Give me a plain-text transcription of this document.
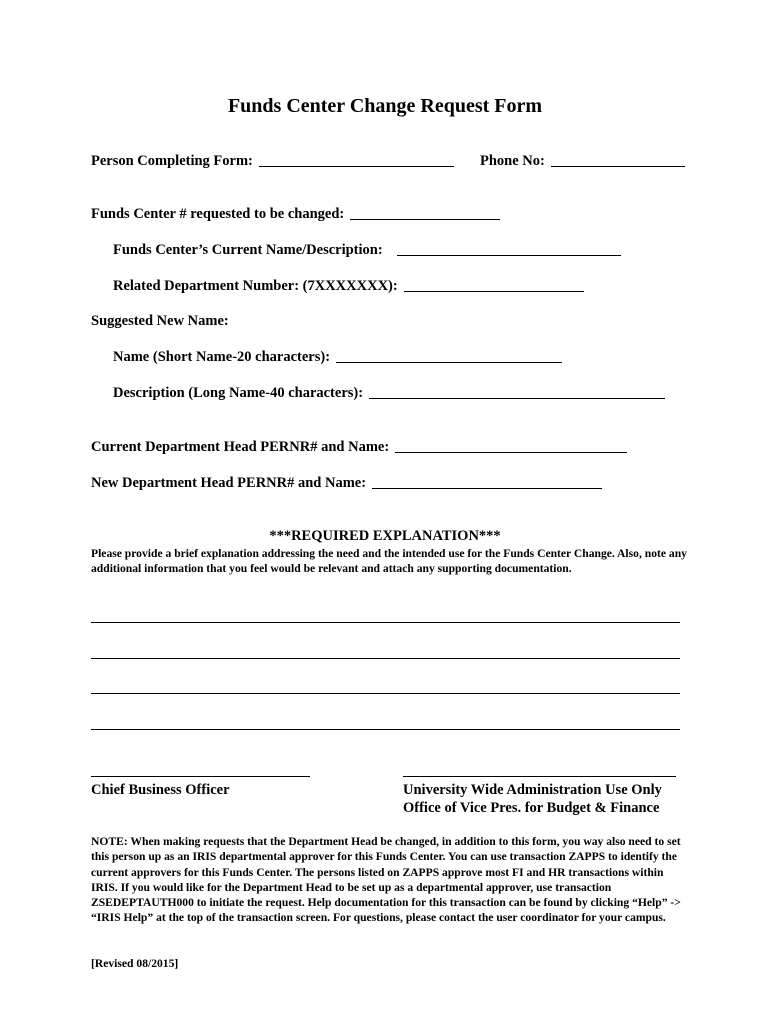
Funds Center Change Request Form
Person Completing Form:	Phone No:
Funds Center # requested to be changed:
Funds Center’s Current Name/Description:
Related Department Number: (7XXXXXXX):
Suggested New Name:
Name (Short Name-20 characters):
Description (Long Name-40 characters):
Current Department Head PERNR# and Name:
New Department Head PERNR# and Name:
***REQUIRED EXPLANATION***
Please provide a brief explanation addressing the need and the intended use for the Funds Center Change. Also, note any additional information that you feel would be relevant and attach any supporting documentation.
Chief Business Officer	University Wide Administration Use Only
Office of Vice Pres. for Budget & Finance
NOTE: When making requests that the Department Head be changed, in addition to this form, you way also need to set this person up as an IRIS departmental approver for this Funds Center. You can use transaction ZAPPS to identify the current approvers for this Funds Center. The persons listed on ZAPPS approve most FI and HR transactions within IRIS. If you would like for the Department Head to be set up as a departmental approver, use transaction ZSEDEPTAUTH000 to initiate the request. Help documentation for this transaction can be found by clicking “Help” -> “IRIS Help” at the top of the transaction screen. For questions, please contact the user coordinator for your campus.
[Revised 08/2015]
